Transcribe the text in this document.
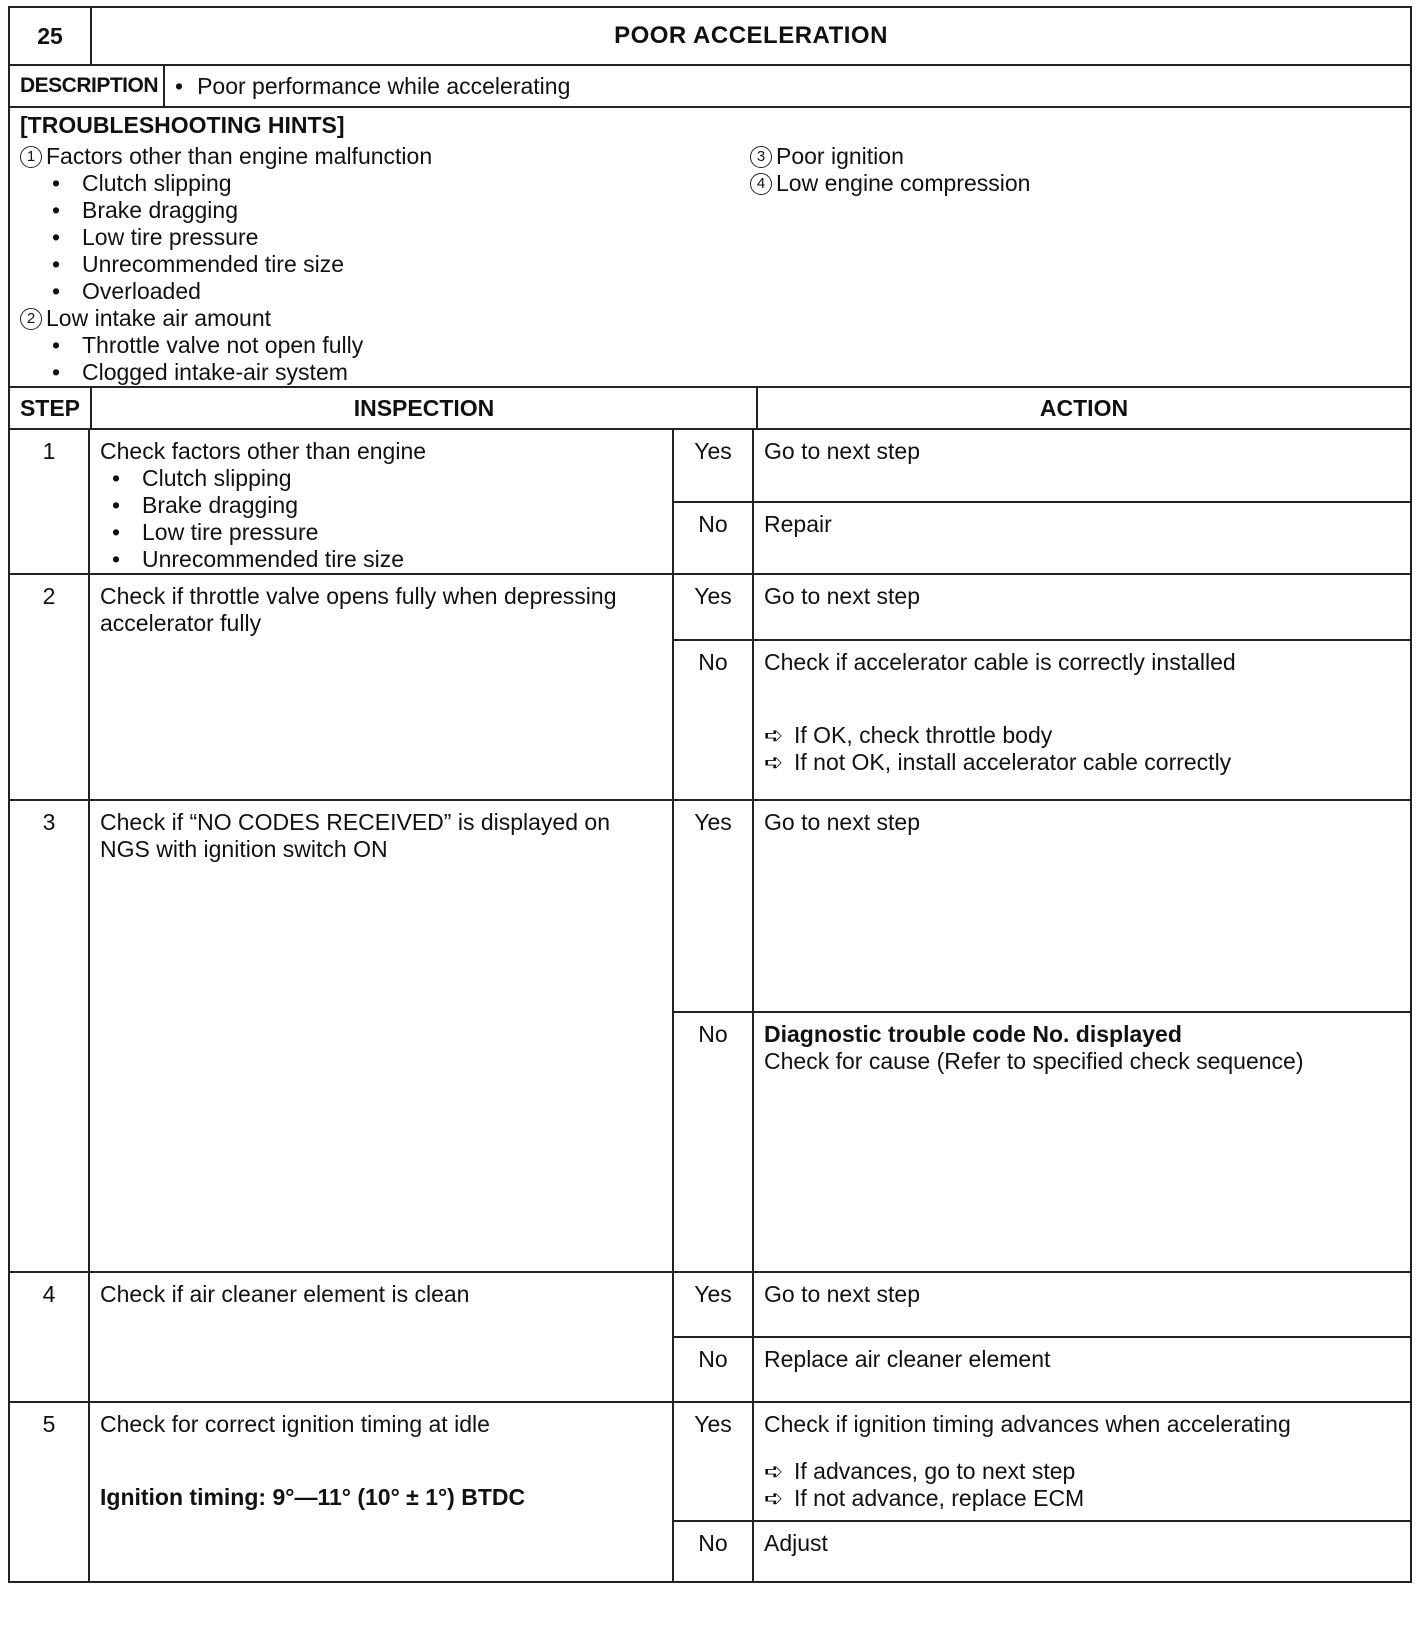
25	POOR ACCELERATION
DESCRIPTION • Poor performance while accelerating
[TROUBLESHOOTING HINTS]
1 Factors other than engine malfunction
• Clutch slipping
• Brake dragging
• Low tire pressure
• Unrecommended tire size
• Overloaded
2 Low intake air amount
• Throttle valve not open fully
• Clogged intake-air system
3 Poor ignition
4 Low engine compression
STEP	INSPECTION	ACTION
1	Check factors other than engine
• Clutch slipping
• Brake dragging
• Low tire pressure
• Unrecommended tire size
Yes	Go to next step
No	Repair
2	Check if throttle valve opens fully when depressing accelerator fully
Yes	Go to next step
No	Check if accelerator cable is correctly installed
➪ If OK, check throttle body
➪ If not OK, install accelerator cable correctly
3	Check if “NO CODES RECEIVED” is displayed on NGS with ignition switch ON
Yes	Go to next step
No	Diagnostic trouble code No. displayed
Check for cause (Refer to specified check sequence)
4	Check if air cleaner element is clean	Yes	Go to next step
No	Replace air cleaner element
5	Check for correct ignition timing at idle
Ignition timing: 9°—11° (10° ± 1°) BTDC
Yes	Check if ignition timing advances when accelerating
➪ If advances, go to next step
➪ If not advance, replace ECM
No	Adjust
